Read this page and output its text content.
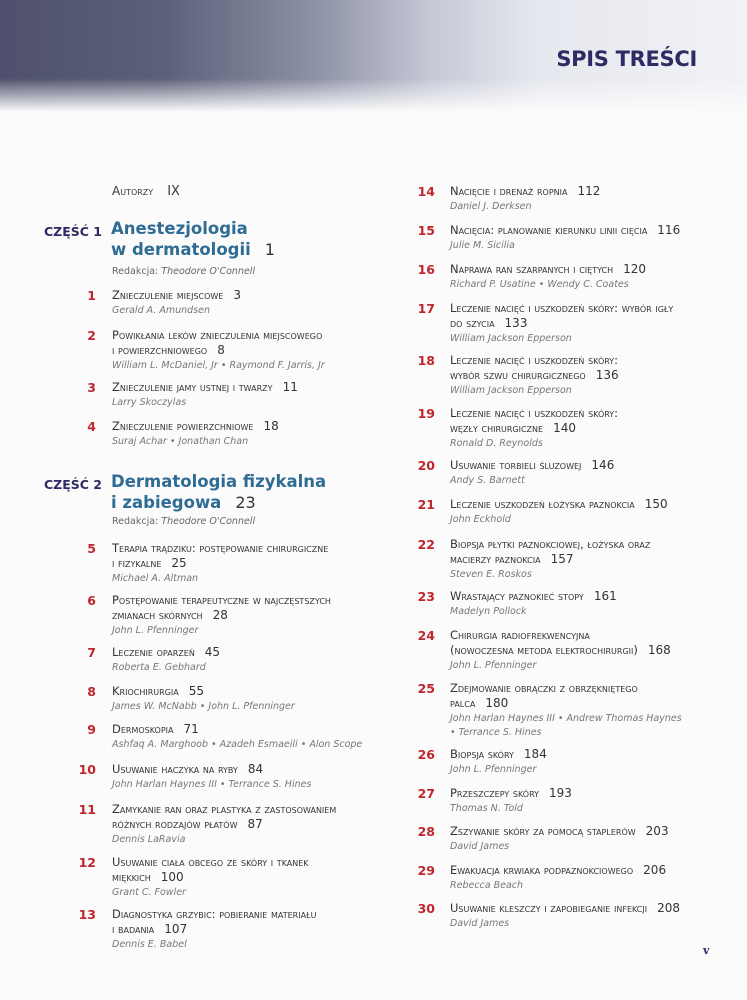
SPIS TREŚCI
Autorzy IX
CZĘŚĆ 1 Anestezjologia
w dermatologii 1
Redakcja: Theodore O'Connell
CZĘŚĆ 2 Dermatologia fizykalna
i zabiegowa 23
Redakcja: Theodore O'Connell
1 Znieczulenie miejscowe 3
Gerald A. Amundsen
2 Powikłania leków znieczulenia miejscowego
i powierzchniowego 8
William L. McDaniel, Jr • Raymond F. Jarris, Jr
3 Znieczulenie jamy ustnej i twarzy 11
Larry Skoczylas
4 Znieczulenie powierzchniowe 18
Suraj Achar • Jonathan Chan
5 Terapia trądziku: postępowanie chirurgiczne
i fizykalne 25
Michael A. Altman
6 Postępowanie terapeutyczne w najczęstszych
zmianach skórnych 28
John L. Pfenninger
7 Leczenie oparzeń 45
Roberta E. Gebhard
8 Kriochirurgia 55
James W. McNabb • John L. Pfenninger
9 Dermoskopia 71
Ashfaq A. Marghoob • Azadeh Esmaeili • Alon Scope
10 Usuwanie haczyka na ryby 84
John Harlan Haynes III • Terrance S. Hines
11 Zamykanie ran oraz plastyka z zastosowaniem
różnych rodzajów płatów 87
Dennis LaRavia
12 Usuwanie ciała obcego ze skóry i tkanek
miękkich 100
Grant C. Fowler
13 Diagnostyka grzybic: pobieranie materiału
i badania 107
Dennis E. Babel
14 Nacięcie i drenaż ropnia 112
Daniel J. Derksen
15 Nacięcia: planowanie kierunku linii cięcia 116
Julie M. Sicilia
16 Naprawa ran szarpanych i ciętych 120
Richard P. Usatine • Wendy C. Coates
17 Leczenie nacięć i uszkodzeń skóry: wybór igły
do szycia 133
William Jackson Epperson
18 Leczenie nacięć i uszkodzeń skóry:
wybór szwu chirurgicznego 136
William Jackson Epperson
19 Leczenie nacięć i uszkodzeń skóry:
węzły chirurgiczne 140
Ronald D. Reynolds
20 Usuwanie torbieli śluzowej 146
Andy S. Barnett
21 Leczenie uszkodzeń łożyska paznokcia 150
John Eckhold
22 Biopsja płytki paznokciowej, łożyska oraz
macierzy paznokcia 157
Steven E. Roskos
23 Wrastający paznokieć stopy 161
Madelyn Pollock
24 Chirurgia radiofrekwencyjna
(nowoczesna metoda elektrochirurgii) 168
John L. Pfenninger
25 Zdejmowanie obrączki z obrzękniętego
palca 180
John Harlan Haynes III • Andrew Thomas Haynes
• Terrance S. Hines
26 Biopsja skóry 184
John L. Pfenninger
27 Przeszczepy skóry 193
Thomas N. Told
28 Zszywanie skóry za pomocą staplerów 203
David James
29 Ewakuacja krwiaka podpaznokciowego 206
Rebecca Beach
30 Usuwanie kleszczy i zapobieganie infekcji 208
David James
v
